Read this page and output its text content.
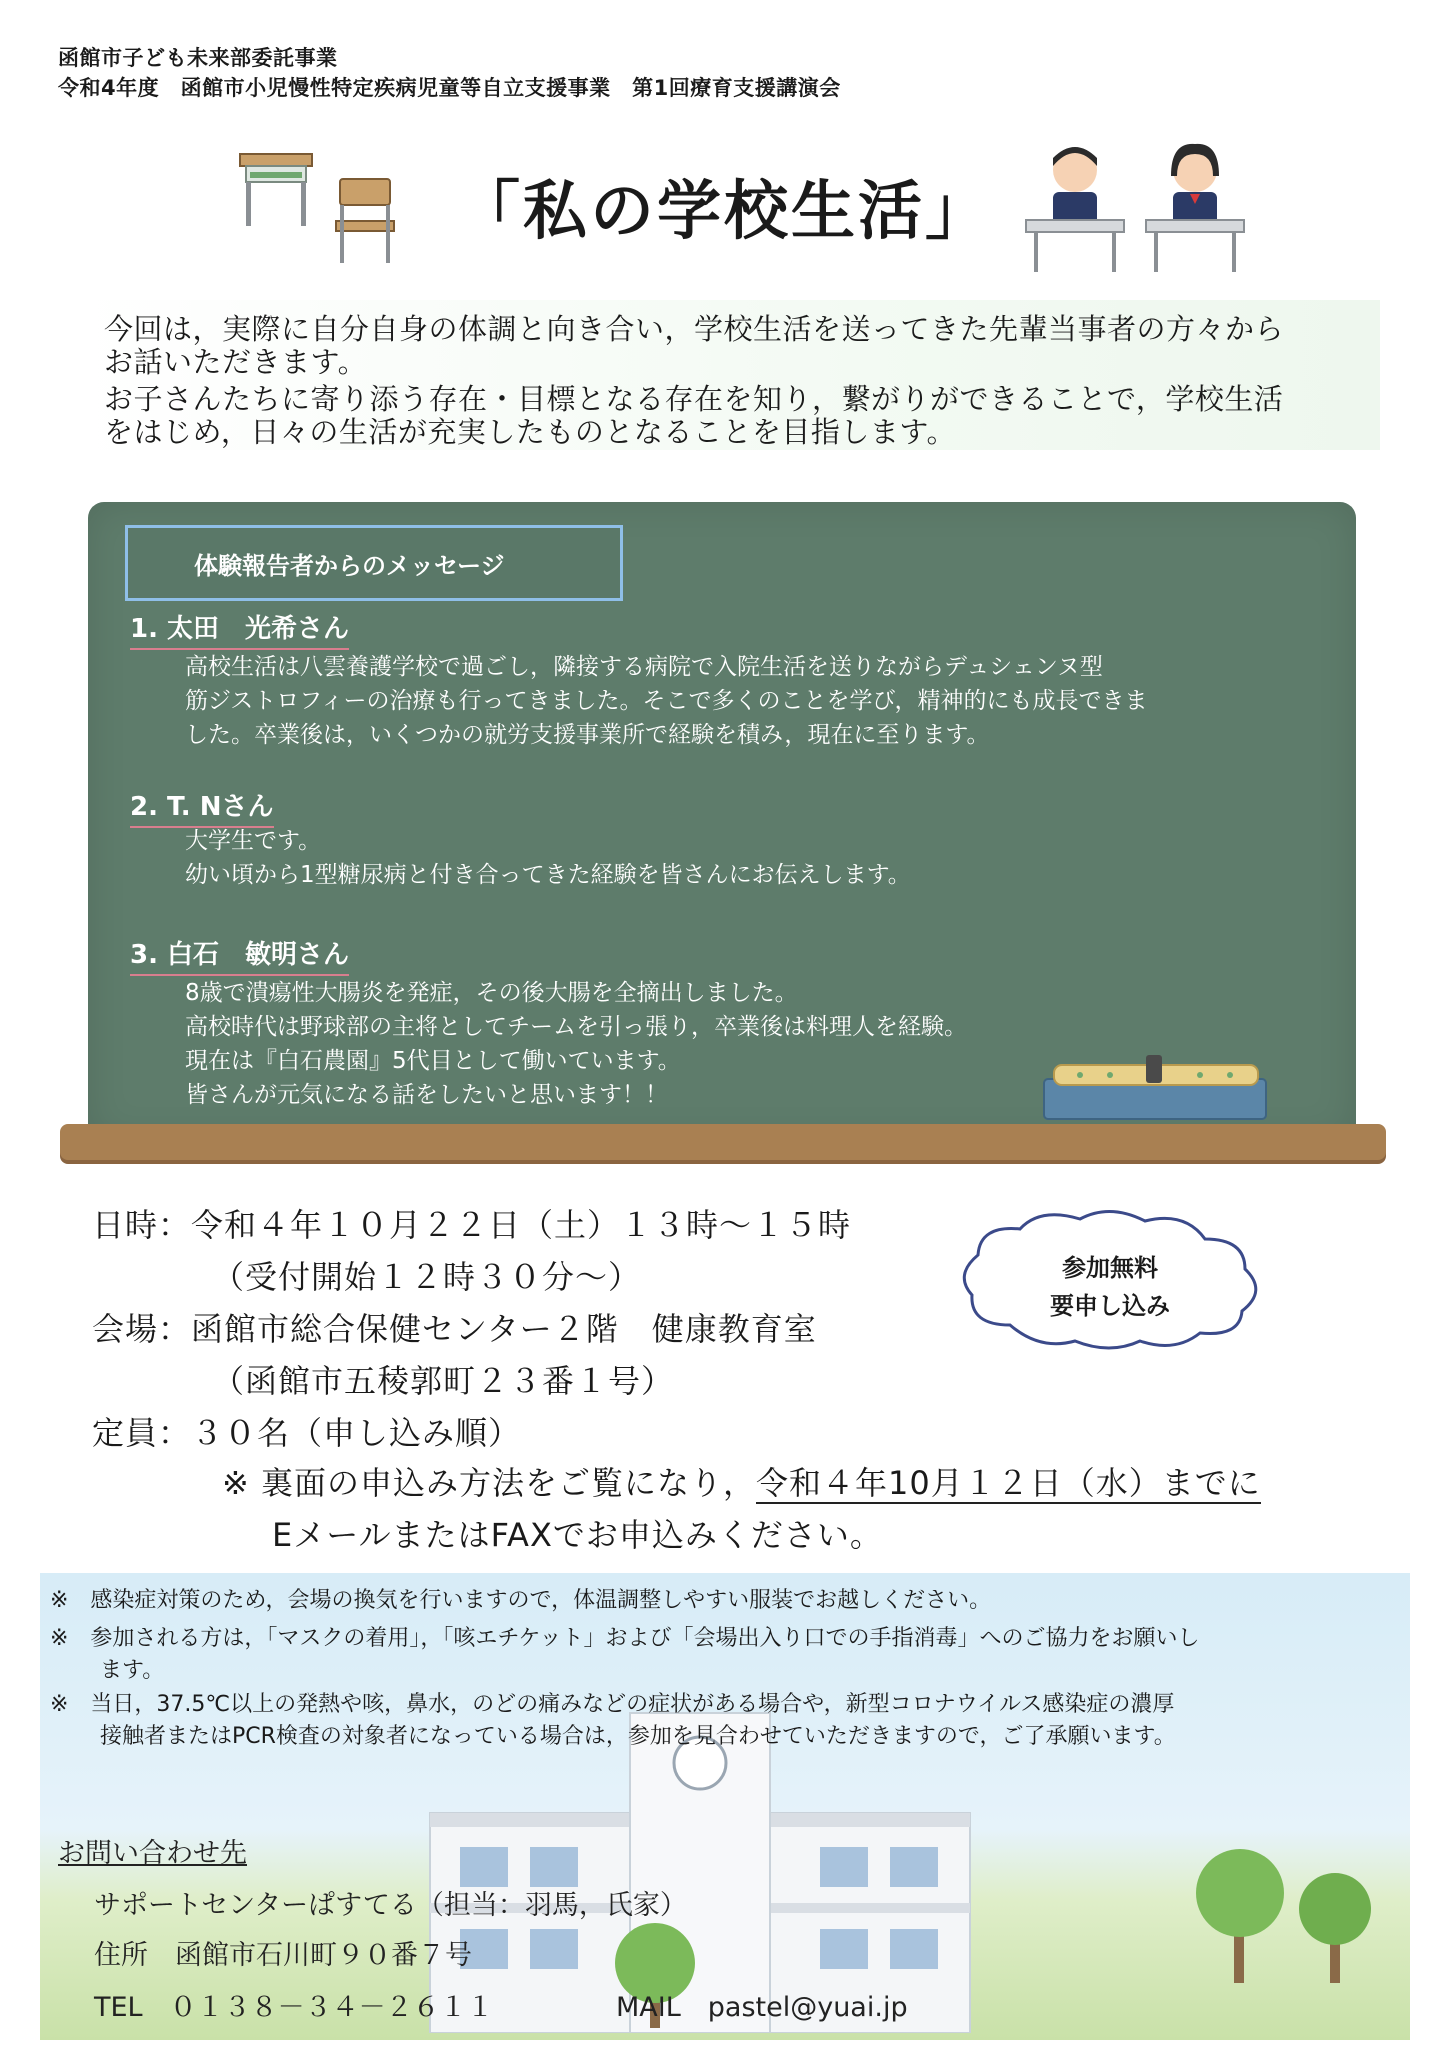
函館市子ども未来部委託事業
令和4年度　函館市小児慢性特定疾病児童等自立支援事業　第1回療育支援講演会
「私の学校生活」

今回は，実際に自分自身の体調と向き合い，学校生活を送ってきた先輩当事者の方々から

お話いただきます。

お子さんたちに寄り添う存在・目標となる存在を知り，繋がりができることで，学校生活

をはじめ，日々の生活が充実したものとなることを目指します。

体験報告者からのメッセージ
1. 太田　光希さん
高校生活は八雲養護学校で過ごし，隣接する病院で入院生活を送りながらデュシェンヌ型
筋ジストロフィーの治療も行ってきました。そこで多くのことを学び，精神的にも成長できま
した。卒業後は，いくつかの就労支援事業所で経験を積み，現在に至ります。
2. T. Nさん
大学生です。
幼い頃から1型糖尿病と付き合ってきた経験を皆さんにお伝えします。
3. 白石　敏明さん
8歳で潰瘍性大腸炎を発症，その後大腸を全摘出しました。
高校時代は野球部の主将としてチームを引っ張り，卒業後は料理人を経験。
現在は『白石農園』5代目として働いています。
皆さんが元気になる話をしたいと思います！！
日時：令和４年１０月２２日（土）１３時～１５時
（受付開始１２時３０分～）
会場：函館市総合保健センター２階　健康教育室
（函館市五稜郭町２３番１号）
定員：３０名（申し込み順）
※ 裏面の申込み方法をご覧になり，令和４年10月１２日（水）までに
EメールまたはFAXでお申込みください。
参加無料
要申し込み
※　感染症対策のため，会場の換気を行いますので，体温調整しやすい服装でお越しください。
※　参加される方は，「マスクの着用」，「咳エチケット」および「会場出入り口での手指消毒」へのご協力をお願いし
ます。
※　当日，37.5℃以上の発熱や咳，鼻水，のどの痛みなどの症状がある場合や，新型コロナウイルス感染症の濃厚
接触者またはPCR検査の対象者になっている場合は，参加を見合わせていただきますので，ご了承願います。
お問い合わせ先
サポートセンターぱすてる（担当：羽馬，氏家）
住所　函館市石川町９０番７号
TEL　０１３８－３４－２６１１	MAIL　pastel@yuai.jp
